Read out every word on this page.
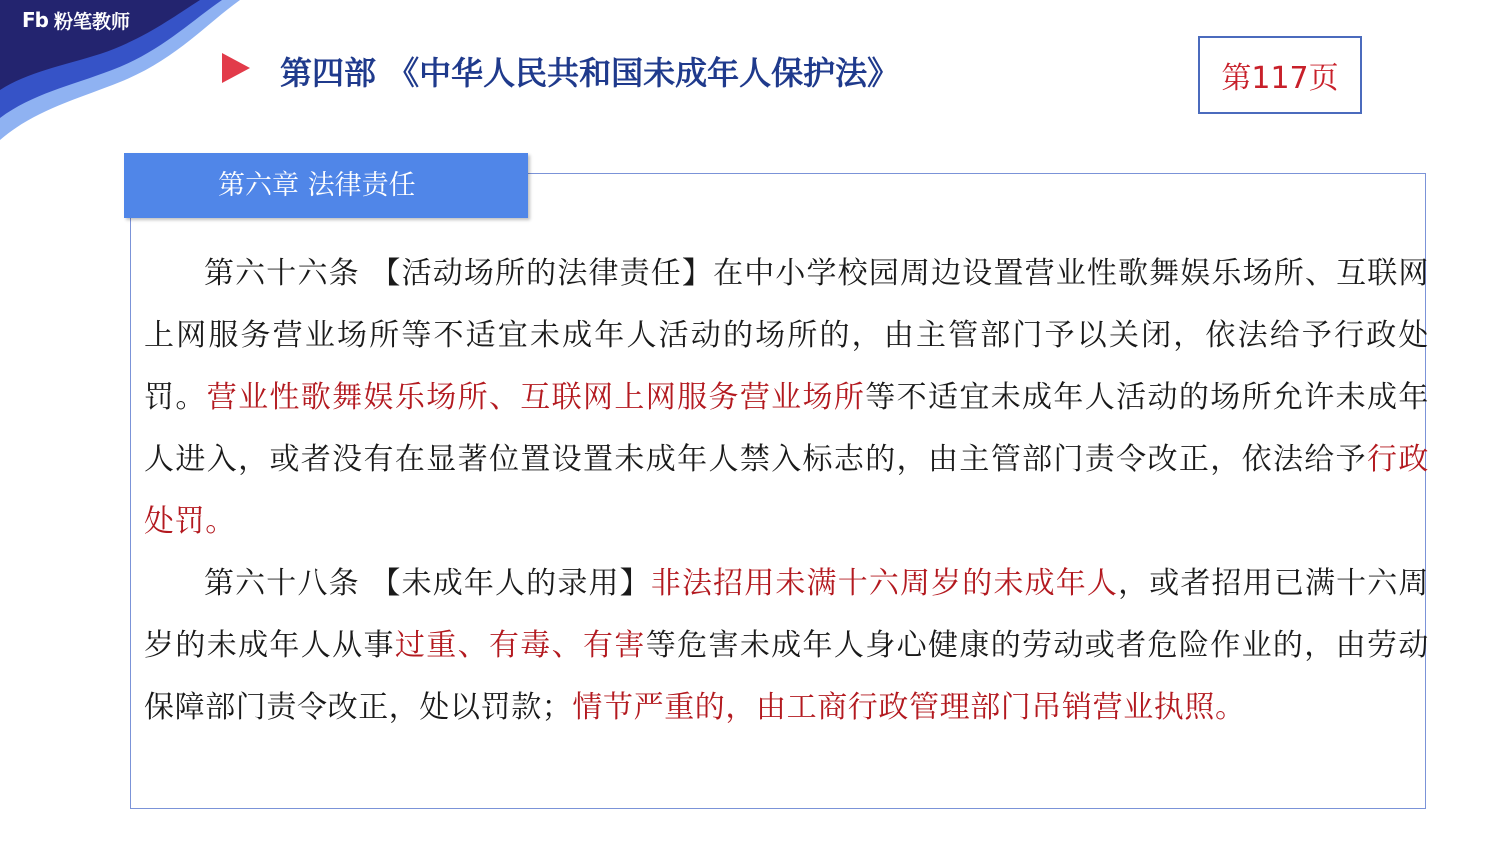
Fb 粉笔教师
第四部 《中华人民共和国未成年人保护法》	第117页
第六章 法律责任

第六十六条 【活动场所的法律责任】在中小学校园周边设置营业性歌舞娱乐场所、互联网上网服务营业场所等不适宜未成年人活动的场所的，由主管部门予以关闭，依法给予行政处罚。营业性歌舞娱乐场所、互联网上网服务营业场所等不适宜未成年人活动的场所允许未成年人进入，或者没有在显著位置设置未成年人禁入标志的，由主管部门责令改正，依法给予行政处罚。

第六十八条 【未成年人的录用】非法招用未满十六周岁的未成年人，或者招用已满十六周岁的未成年人从事过重、有毒、有害等危害未成年人身心健康的劳动或者危险作业的，由劳动保障部门责令改正，处以罚款；情节严重的，由工商行政管理部门吊销营业执照。
